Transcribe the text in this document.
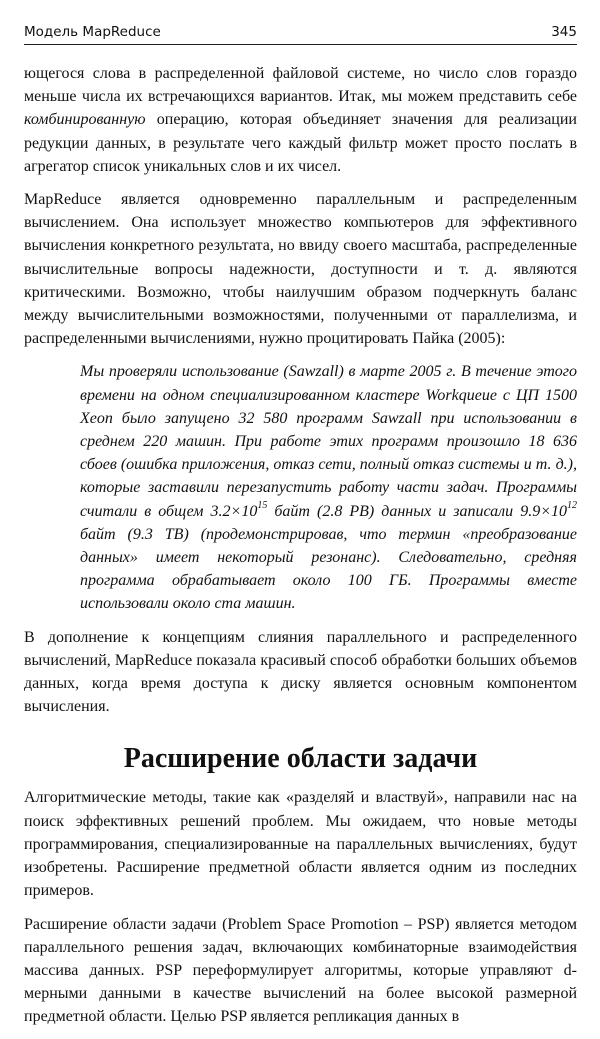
Модель MapReduce	345

ющегося слова в распределенной файловой системе, но число слов гораздо меньше числа их встречающихся вариантов. Итак, мы можем представить себе комбинированную операцию, которая объединяет значения для реализации редукции данных, в результате чего каждый фильтр может просто послать в агрегатор список уникальных слов и их чисел.

MapReduce является одновременно параллельным и распределенным вычислением. Она использует множество компьютеров для эффективного вычисления конкретного результата, но ввиду своего масштаба, распределенные вычислительные вопросы надежности, доступности и т. д. являются критическими. Возможно, чтобы наилучшим образом подчеркнуть баланс между вычислительными возможностями, полученными от параллелизма, и распределенными вычислениями, нужно процитировать Пайка (2005):

Мы проверяли использование (Sawzall) в марте 2005 г. В течение этого времени на одном специализированном кластере Workqueue с ЦП 1500 Xeon было запущено 32 580 программ Sawzall при использовании в среднем 220 машин. При работе этих программ произошло 18 636 сбоев (ошибка приложения, отказ сети, полный отказ системы и т. д.), которые заставили перезапустить работу части задач. Программы считали в общем $3.2\times 10^{15}$ байт (2.8 PB) данных и записали $9.9\times 10^{12}$ байт (9.3 TB) (продемонстрировав, что термин «преобразование данных» имеет некоторый резонанс). Следовательно, средняя программа обрабатывает около 100 ГБ. Программы вместе использовали около ста машин.

В дополнение к концепциям слияния параллельного и распределенного вычислений, MapReduce показала красивый способ обработки больших объемов данных, когда время доступа к диску является основным компонентом вычисления.

Расширение области задачи

Алгоритмические методы, такие как «разделяй и властвуй», направили нас на поиск эффективных решений проблем. Мы ожидаем, что новые методы программирования, специализированные на параллельных вычислениях, будут изобретены. Расширение предметной области является одним из последних примеров.

Расширение области задачи (Problem Space Promotion – PSP) является методом параллельного решения задач, включающих комбинаторные взаимодействия массива данных. PSP переформулирует алгоритмы, которые управляют d-мерными данными в качестве вычислений на более высокой размерной предметной области. Целью PSP является репликация данных в
